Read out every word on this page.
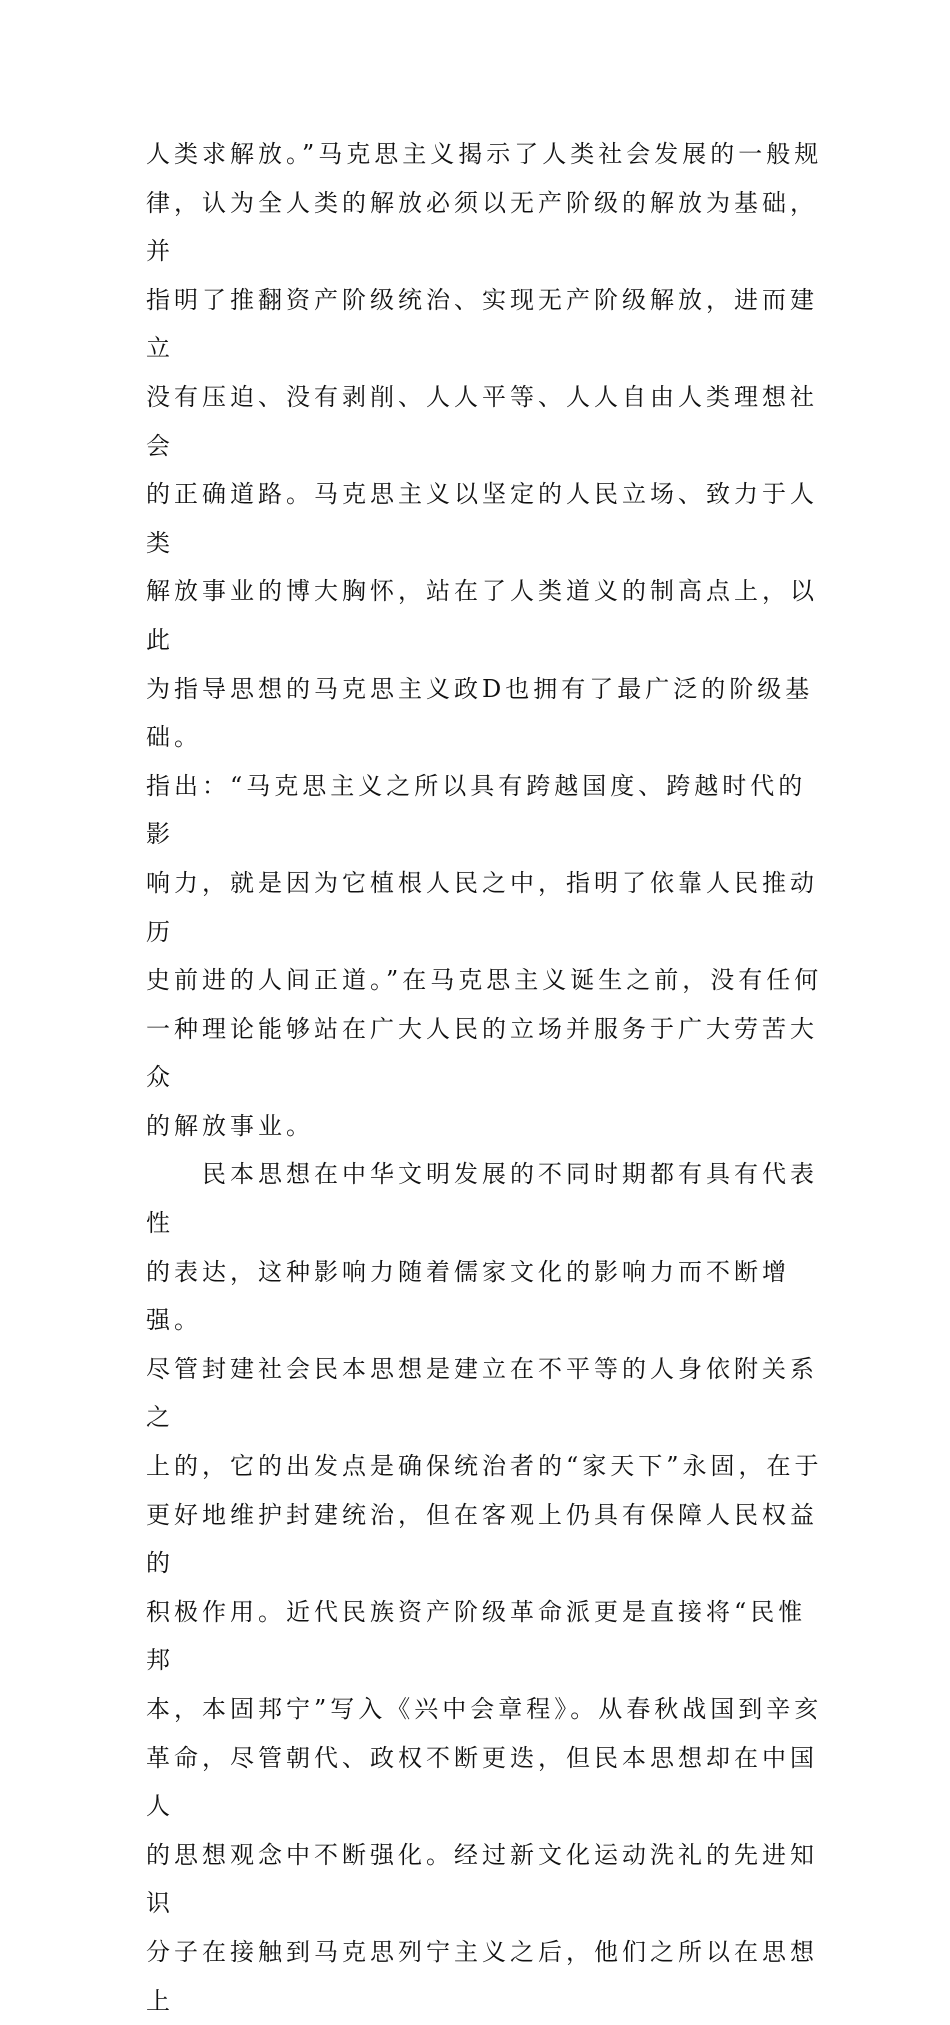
人类求解放。”马克思主义揭示了人类社会发展的一般规
律，认为全人类的解放必须以无产阶级的解放为基础，并
指明了推翻资产阶级统治、实现无产阶级解放，进而建立
没有压迫、没有剥削、人人平等、人人自由人类理想社会
的正确道路。马克思主义以坚定的人民立场、致力于人类
解放事业的博大胸怀，站在了人类道义的制高点上，以此
为指导思想的马克思主义政D也拥有了最广泛的阶级基础。
指出：“马克思主义之所以具有跨越国度、跨越时代的影
响力，就是因为它植根人民之中，指明了依靠人民推动历
史前进的人间正道。”在马克思主义诞生之前，没有任何
一种理论能够站在广大人民的立场并服务于广大劳苦大众
的解放事业。

　　民本思想在中华文明发展的不同时期都有具有代表性
的表达，这种影响力随着儒家文化的影响力而不断增强。
尽管封建社会民本思想是建立在不平等的人身依附关系之
上的，它的出发点是确保统治者的“家天下”永固，在于
更好地维护封建统治，但在客观上仍具有保障人民权益的
积极作用。近代民族资产阶级革命派更是直接将“民惟邦
本，本固邦宁”写入《兴中会章程》。从春秋战国到辛亥
革命，尽管朝代、政权不断更迭，但民本思想却在中国人
的思想观念中不断强化。经过新文化运动洗礼的先进知识
分子在接触到马克思列宁主义之后，他们之所以在思想上
